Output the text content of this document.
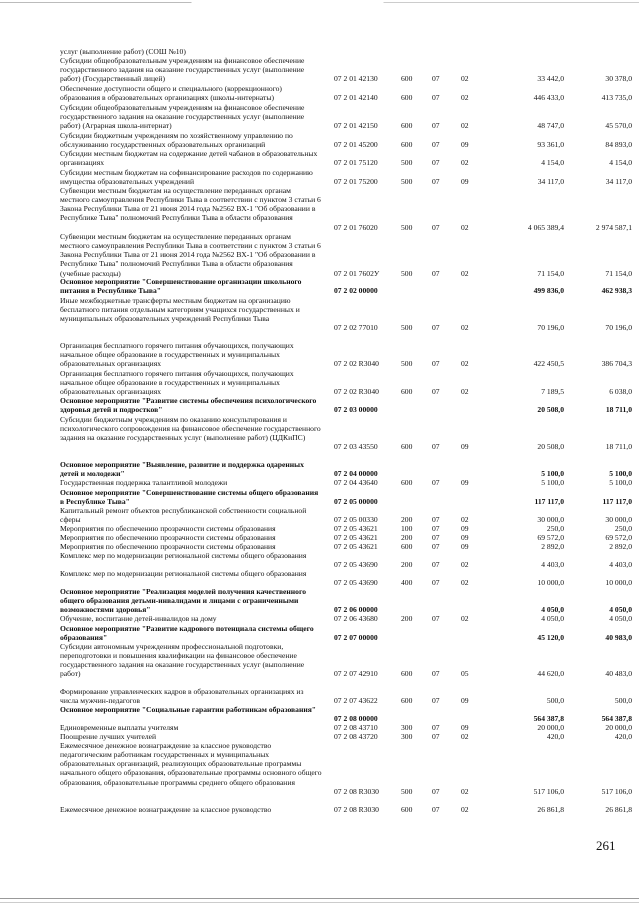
услуг (выполнение работ) (СОШ №10)
Субсидии общеобразовательным учреждениям на финансовое обеспечение государственного задания на оказание государственных услуг (выполнение работ) (Государственный лицей)	07 2 01 42130	600	07	02	33 442,0	30 378,0
Обеспечение доступности общего и специального (коррекционного) образования в образовательных организациях (школы-интернаты)	07 2 01 42140	600	07	02	446 433,0	413 735,0
Субсидии общеобразовательным учреждениям на финансовое обеспечение государственного задания на оказание государственных услуг (выполнение работ) (Аграрная школа-интернат)	07 2 01 42150	600	07	02	48 747,0	45 570,0
Субсидии бюджетным учреждениям по хозяйственному управлению по обслуживанию государственных образовательных организаций	07 2 01 45200	600	07	09	93 361,0	84 893,0
Субсидии местным бюджетам на содержание детей чабанов в образовательных организациях	07 2 01 75120	500	07	02	4 154,0	4 154,0
Субсидии местным бюджетам на софинансирование расходов по содержанию имущества образовательных учреждений	07 2 01 75200	500	07	09	34 117,0	34 117,0
Субвенции местным бюджетам на осуществление переданных органам местного самоуправления Республики Тыва в соответствии с пунктом 3 статьи 6 Закона Республики Тыва от 21 июня 2014 года №2562 ВХ-1 "Об образовании в Республике Тыва" полномочий Республики Тыва в области образования
07 2 01 76020	500	07	02	4 065 389,4	2 974 587,1
Субвенции местным бюджетам на осуществление переданных органам местного самоуправления Республики Тыва в соответствии с пунктом 3 статьи 6 Закона Республики Тыва от 21 июня 2014 года №2562 ВХ-1 "Об образовании в Республике Тыва" полномочий Республики Тыва в области образования (учебные расходы)	07 2 01 7602У	500	07	02	71 154,0	71 154,0
Основное мероприятие "Совершенствование организации школьного питания в Республике Тыва"	07 2 02 00000	499 836,0	462 938,3
Иные межбюджетные трансферты местным бюджетам на организацию бесплатного питания отдельным категориям учащихся государственных и муниципальных образовательных учреждений Республики Тыва
07 2 02 77010	500	07	02	70 196,0	70 196,0
Организация бесплатного горячего питания обучающихся, получающих начальное общее образование в государственных и муниципальных образовательных организациях	07 2 02 R3040	500	07	02	422 450,5	386 704,3
Организация бесплатного горячего питания обучающихся, получающих начальное общее образование в государственных и муниципальных образовательных организациях	07 2 02 R3040	600	07	02	7 189,5	6 038,0
Основное мероприятие "Развитие системы обеспечения психологического здоровья детей и подростков"	07 2 03 00000	20 508,0	18 711,0
Субсидии бюджетным учреждениям по оказанию консультирования и психологического сопровождения на финансовое обеспечение государственного задания на оказание государственных услуг (выполнение работ) (ЦДКиПС)
07 2 03 43550	600	07	09	20 508,0	18 711,0
Основное мероприятие "Выявление, развитие и поддержка одаренных детей и молодежи"	07 2 04 00000	5 100,0	5 100,0
Государственная поддержка талантливой молодежи	07 2 04 43640	600	07	09	5 100,0	5 100,0
Основное мероприятие "Совершенствование системы общего образования в Республике Тыва"	07 2 05 00000	117 117,0	117 117,0
Капитальный ремонт объектов республиканской собственности социальной сферы	07 2 05 00330	200	07	02	30 000,0	30 000,0
Мероприятия по обеспечению прозрачности системы образования	07 2 05 43621	100	07	09	250,0	250,0
Мероприятия по обеспечению прозрачности системы образования	07 2 05 43621	200	07	09	69 572,0	69 572,0
Мероприятия по обеспечению прозрачности системы образования	07 2 05 43621	600	07	09	2 892,0	2 892,0
Комплекс мер по модернизации региональной системы общего образования
07 2 05 43690	200	07	02	4 403,0	4 403,0
Комплекс мер по модернизации региональной системы общего образования
07 2 05 43690	400	07	02	10 000,0	10 000,0
Основное мероприятие "Реализация моделей получения качественного общего образования детьми-инвалидами и лицами с ограниченными возможностями здоровья"	07 2 06 00000	4 050,0	4 050,0
Обучение, воспитание детей-инвалидов на дому	07 2 06 43680	200	07	02	4 050,0	4 050,0
Основное мероприятие "Развитие кадрового потенциала системы общего образования"	07 2 07 00000	45 120,0	40 983,0
Субсидии автономным учреждениям профессиональной подготовки, переподготовки и повышения квалификации на финансовое обеспечение государственного задания на оказание государственных услуг (выполнение работ)	07 2 07 42910	600	07	05	44 620,0	40 483,0
Формирование управленческих кадров в образовательных организациях из числа мужчин-педагогов	07 2 07 43622	600	07	09	500,0	500,0
Основное мероприятие "Социальные гарантии работникам образования"
07 2 08 00000	564 387,8	564 387,8
Единовременные выплаты учителям	07 2 08 43710	300	07	09	20 000,0	20 000,0
Поощрение лучших учителей	07 2 08 43720	300	07	02	420,0	420,0
Ежемесячное денежное вознаграждение за классное руководство педагогическим работникам государственных и муниципальных образовательных организаций, реализующих образовательные программы начального общего образования, образовательные программы основного общего образования, образовательные программы среднего общего образования
07 2 08 R3030	500	07	02	517 106,0	517 106,0
Ежемесячное денежное вознаграждение за классное руководство	07 2 08 R3030	600	07	02	26 861,8	26 861,8
261
